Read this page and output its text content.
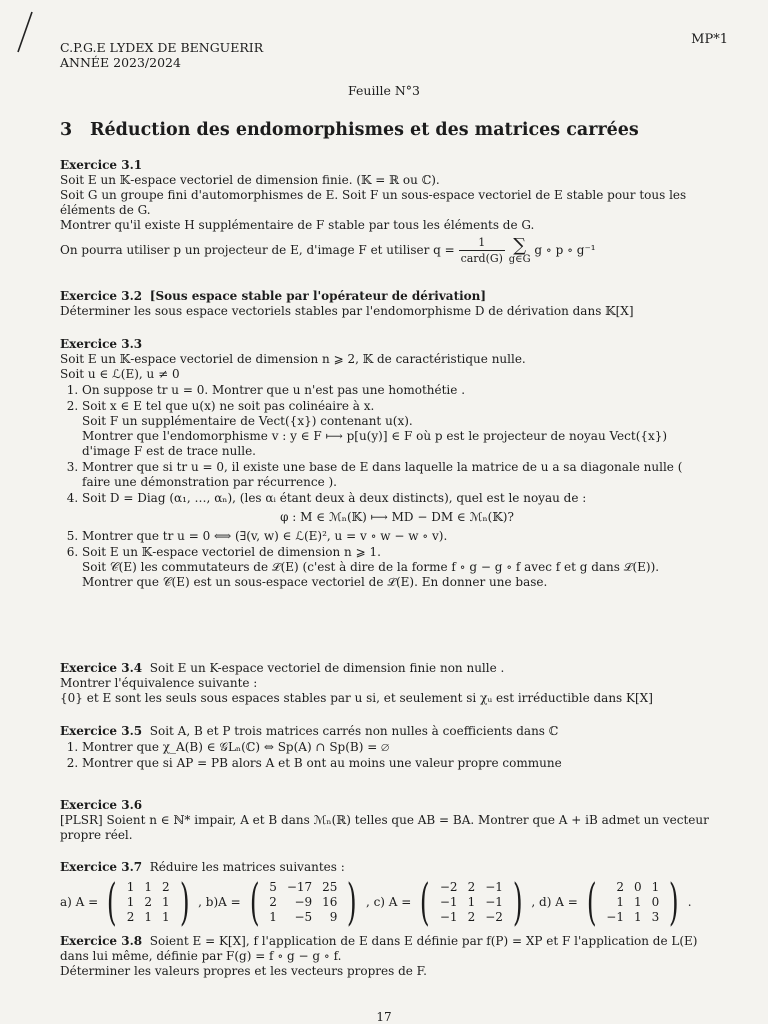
C.P.G.E LYDEX DE BENGUERIR
ANNÉE 2023/2024
MP*1
Feuille N°3
3 Réduction des endomorphismes et des matrices carrées

Exercice 3.1

Soit E un 𝕂-espace vectoriel de dimension finie. (𝕂 = ℝ ou ℂ).

Soit G un groupe fini d'automorphismes de E. Soit F un sous-espace vectoriel de E stable pour tous les éléments de G.

Montrer qu'il existe H supplémentaire de F stable par tous les éléments de G.

On pourra utiliser p un projecteur de E, d'image F et utiliser $q = \frac{1}{\text{card(G)}}$
∑
g∈G g ∘ p ∘ g⁻¹

Exercice 3.2 [Sous espace stable par l'opérateur de dérivation]

Déterminer les sous espace vectoriels stables par l'endomorphisme D de dérivation dans 𝕂[X]

Exercice 3.3

Soit E un 𝕂-espace vectoriel de dimension n ⩾ 2, 𝕂 de caractéristique nulle.

Soit u ∈ ℒ(E), u ≠ 0

1. On suppose tr u = 0. Montrer que u n'est pas une homothétie .
2. Soit x ∈ E tel que u(x) ne soit pas colinéaire à x.
Soit F un supplémentaire de Vect({x}) contenant u(x).
Montrer que l'endomorphisme v : y ∈ F ⟼ p[u(y)] ∈ F où p est le projecteur de noyau Vect({x}) d'image F est de trace nulle.
3. Montrer que si tr u = 0, il existe une base de E dans laquelle la matrice de u a sa diagonale nulle ( faire une démonstration par récurrence ).
4. Soit D = Diag (α₁, …, αₙ), (les αᵢ étant deux à deux distincts), quel est le noyau de :
φ : M ∈ ℳₙ(𝕂) ⟼ MD − DM ∈ ℳₙ(𝕂)?
5. Montrer que tr u = 0 ⟺ (∃(v, w) ∈ ℒ(E)², u = v ∘ w − w ∘ v).
6. Soit E un 𝕂-espace vectoriel de dimension n ⩾ 1.
Soit 𝒞(E) les commutateurs de ℒ(E) (c'est à dire de la forme f ∘ g − g ∘ f avec f et g dans ℒ(E)).
Montrer que 𝒞(E) est un sous-espace vectoriel de ℒ(E). En donner une base.

Exercice 3.4 Soit E un K-espace vectoriel de dimension finie non nulle .

Montrer l'équivalence suivante :

{0} et E sont les seuls sous espaces stables par u si, et seulement si χᵤ est irréductible dans K[X]

Exercice 3.5 Soit A, B et P trois matrices carrés non nulles à coefficients dans ℂ

1. Montrer que χ_A(B) ∈ 𝒢Lₙ(ℂ) ⇔ Sp(A) ∩ Sp(B) = ∅
2. Montrer que si AP = PB alors A et B ont au moins une valeur propre commune

Exercice 3.6

[PLSR] Soient n ∈ ℕ* impair, A et B dans ℳₙ(ℝ) telles que AB = BA. Montrer que A + iB admet un vecteur propre réel.

Exercice 3.7 Réduire les matrices suivantes :

a) A = ( 1	1	2
1	2	1
2	1	1 ) , b)A = ( 5	−17	25
2	−9	16
1	−5	9 ) , c) A = ( −2	2	−1
−1	1	−1
−1	2	−2 ) , d) A = ( 2	0	1
1	1	0
−1	1	3 ) .

Exercice 3.8 Soient E = K[X], f l'application de E dans E définie par f(P) = XP et F l'application de L(E) dans lui même, définie par F(g) = f ∘ g − g ∘ f.

Déterminer les valeurs propres et les vecteurs propres de F.

17
